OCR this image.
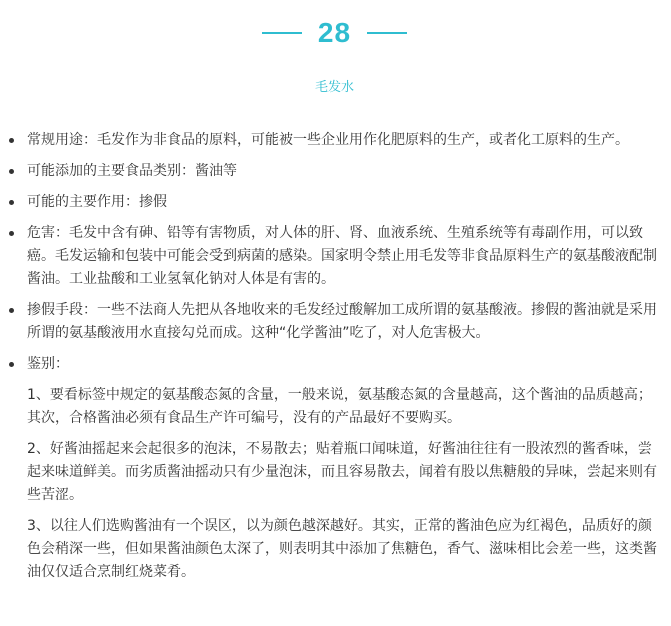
28
毛发水
常规用途：毛发作为非食品的原料，可能被一些企业用作化肥原料的生产，或者化工原料的生产。
可能添加的主要食品类别：酱油等
可能的主要作用：掺假
危害：毛发中含有砷、铅等有害物质，对人体的肝、肾、血液系统、生殖系统等有毒副作用，可以致癌。毛发运输和包装中可能会受到病菌的感染。国家明令禁止用毛发等非食品原料生产的氨基酸液配制酱油。工业盐酸和工业氢氧化钠对人体是有害的。
掺假手段：一些不法商人先把从各地收来的毛发经过酸解加工成所谓的氨基酸液。掺假的酱油就是采用所谓的氨基酸液用水直接勾兑而成。这种“化学酱油”吃了，对人危害极大。
鉴别：
1、要看标签中规定的氨基酸态氮的含量，一般来说，氨基酸态氮的含量越高，这个酱油的品质越高；其次，合格酱油必须有食品生产许可编号，没有的产品最好不要购买。
2、好酱油摇起来会起很多的泡沫，不易散去；贴着瓶口闻味道，好酱油往往有一股浓烈的酱香味，尝起来味道鲜美。而劣质酱油摇动只有少量泡沫，而且容易散去，闻着有股以焦糖般的异味，尝起来则有些苦涩。
3、以往人们选购酱油有一个误区，以为颜色越深越好。其实，正常的酱油色应为红褐色，品质好的颜色会稍深一些，但如果酱油颜色太深了，则表明其中添加了焦糖色，香气、滋味相比会差一些，这类酱油仅仅适合烹制红烧菜肴。
